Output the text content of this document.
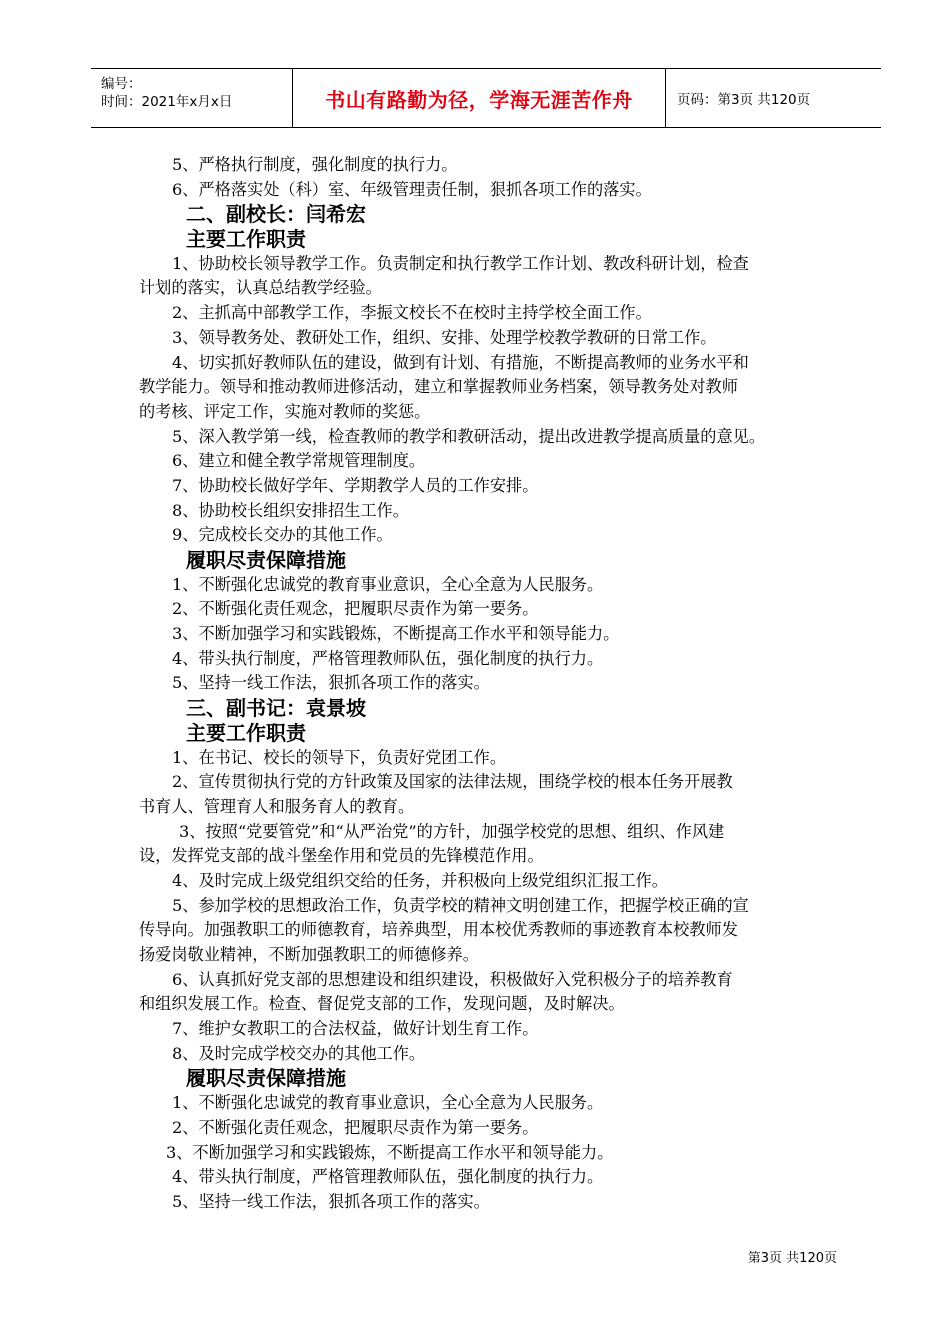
编号：
时间：2021年x月x日	书山有路勤为径，学海无涯苦作舟	页码：第3页 共120页
5、严格执行制度，强化制度的执行力。
6、严格落实处（科）室、年级管理责任制，狠抓各项工作的落实。
二、副校长：闫希宏
主要工作职责
1、协助校长领导教学工作。负责制定和执行教学工作计划、教改科研计划，检查
计划的落实，认真总结教学经验。
2、主抓高中部教学工作，李振文校长不在校时主持学校全面工作。
3、领导教务处、教研处工作，组织、安排、处理学校教学教研的日常工作。
4、切实抓好教师队伍的建设，做到有计划、有措施，不断提高教师的业务水平和
教学能力。领导和推动教师进修活动，建立和掌握教师业务档案，领导教务处对教师
的考核、评定工作，实施对教师的奖惩。
5、深入教学第一线，检查教师的教学和教研活动，提出改进教学提高质量的意见。
6、建立和健全教学常规管理制度。
7、协助校长做好学年、学期教学人员的工作安排。
8、协助校长组织安排招生工作。
9、完成校长交办的其他工作。
履职尽责保障措施
1、不断强化忠诚党的教育事业意识，全心全意为人民服务。
2、不断强化责任观念，把履职尽责作为第一要务。
3、不断加强学习和实践锻炼，不断提高工作水平和领导能力。
4、带头执行制度，严格管理教师队伍，强化制度的执行力。
5、坚持一线工作法，狠抓各项工作的落实。
三、副书记：袁景坡
主要工作职责
1、在书记、校长的领导下，负责好党团工作。
2、宣传贯彻执行党的方针政策及国家的法律法规，围绕学校的根本任务开展教
书育人、管理育人和服务育人的教育。
3、按照“党要管党”和“从严治党”的方针，加强学校党的思想、组织、作风建
设，发挥党支部的战斗堡垒作用和党员的先锋模范作用。
4、及时完成上级党组织交给的任务，并积极向上级党组织汇报工作。
5、参加学校的思想政治工作，负责学校的精神文明创建工作，把握学校正确的宣
传导向。加强教职工的师德教育，培养典型，用本校优秀教师的事迹教育本校教师发
扬爱岗敬业精神，不断加强教职工的师德修养。
6、认真抓好党支部的思想建设和组织建设，积极做好入党积极分子的培养教育
和组织发展工作。检查、督促党支部的工作，发现问题，及时解决。
7、维护女教职工的合法权益，做好计划生育工作。
8、及时完成学校交办的其他工作。
履职尽责保障措施
1、不断强化忠诚党的教育事业意识，全心全意为人民服务。
2、不断强化责任观念，把履职尽责作为第一要务。
3、不断加强学习和实践锻炼，不断提高工作水平和领导能力。
4、带头执行制度，严格管理教师队伍，强化制度的执行力。
5、坚持一线工作法，狠抓各项工作的落实。
第3页 共120页
